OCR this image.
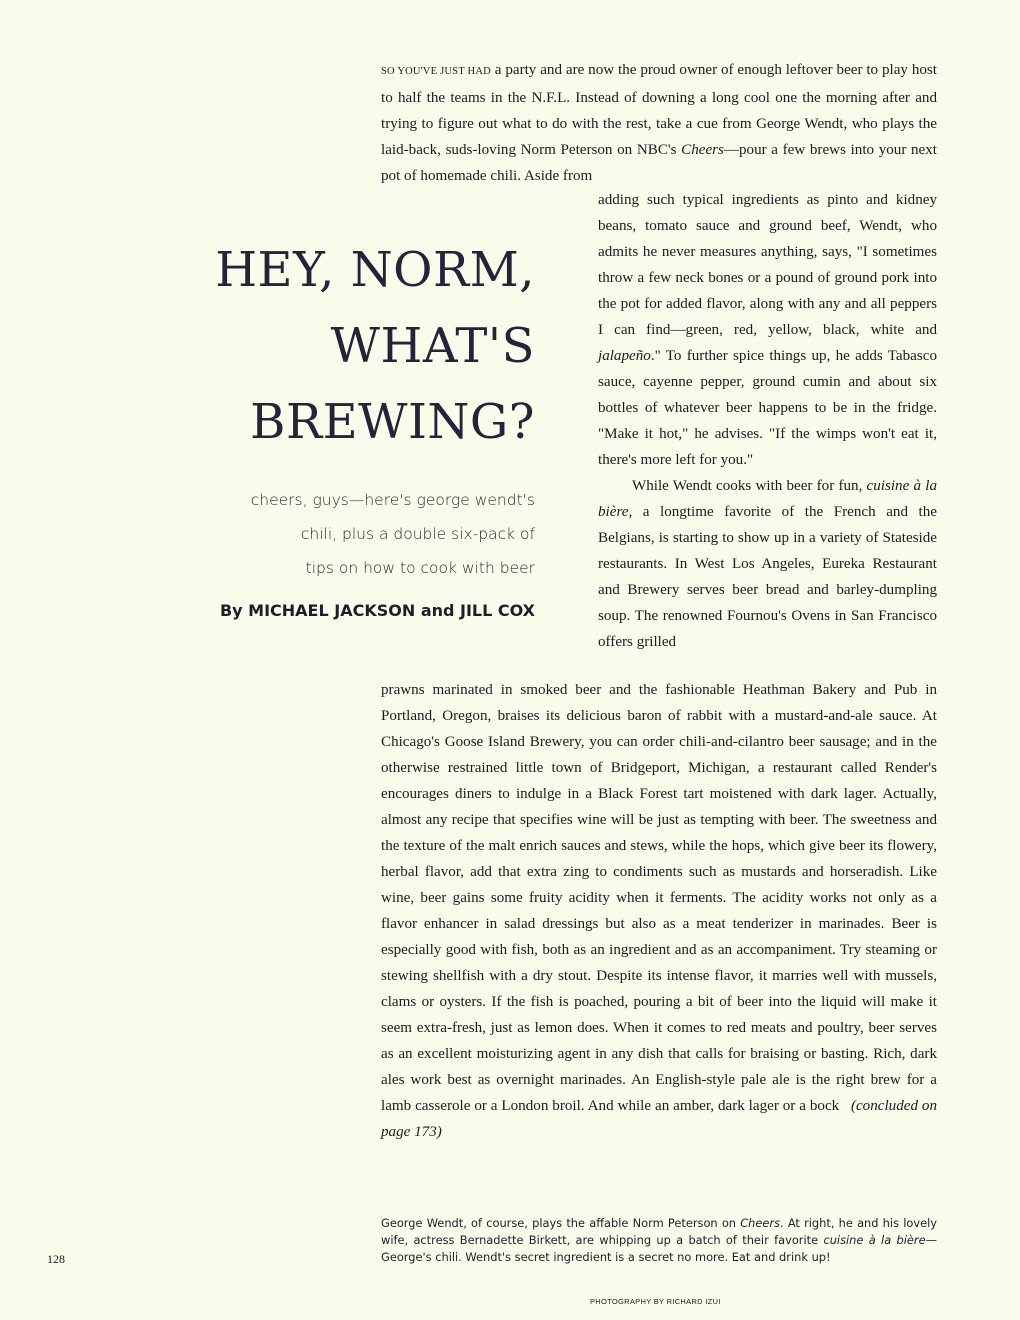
SO YOU'VE JUST HAD a party and are now the proud owner of enough leftover beer to play host to half the teams in the N.F.L. Instead of downing a long cool one the morning after and trying to figure out what to do with the rest, take a cue from George Wendt, who plays the laid-back, suds-loving Norm Peterson on NBC's Cheers—pour a few brews into your next pot of homemade chili. Aside from

HEY, NORM,
WHAT'S
BREWING?
cheers, guys—here's george wendt's
chili, plus a double six-pack of
tips on how to cook with beer
By MICHAEL JACKSON and JILL COX

adding such typical ingredients as pinto and kidney beans, tomato sauce and ground beef, Wendt, who admits he never measures anything, says, "I sometimes throw a few neck bones or a pound of ground pork into the pot for added flavor, along with any and all peppers I can find—green, red, yellow, black, white and jalapeño." To further spice things up, he adds Tabasco sauce, cayenne pepper, ground cumin and about six bottles of whatever beer happens to be in the fridge. "Make it hot," he advises. "If the wimps won't eat it, there's more left for you."

While Wendt cooks with beer for fun, cuisine à la bière, a longtime favorite of the French and the Belgians, is starting to show up in a variety of Stateside restaurants. In West Los Angeles, Eureka Restaurant and Brewery serves beer bread and barley-dumpling soup. The renowned Fournou's Ovens in San Francisco offers grilled

prawns marinated in smoked beer and the fashionable Heathman Bakery and Pub in Portland, Oregon, braises its delicious baron of rabbit with a mustard-and-ale sauce. At Chicago's Goose Island Brewery, you can order chili-and-cilantro beer sausage; and in the otherwise restrained little town of Bridgeport, Michigan, a restaurant called Render's encourages diners to indulge in a Black Forest tart moistened with dark lager. Actually, almost any recipe that specifies wine will be just as tempting with beer. The sweetness and the texture of the malt enrich sauces and stews, while the hops, which give beer its flowery, herbal flavor, add that extra zing to condiments such as mustards and horseradish. Like wine, beer gains some fruity acidity when it ferments. The acidity works not only as a flavor enhancer in salad dressings but also as a meat tenderizer in marinades. Beer is especially good with fish, both as an ingredient and as an accompaniment. Try steaming or stewing shellfish with a dry stout. Despite its intense flavor, it marries well with mussels, clams or oysters. If the fish is poached, pouring a bit of beer into the liquid will make it seem extra-fresh, just as lemon does. When it comes to red meats and poultry, beer serves as an excellent moisturizing agent in any dish that calls for braising or basting. Rich, dark ales work best as overnight marinades. An English-style pale ale is the right brew for a lamb casserole or a London broil. And while an amber, dark lager or a bock (concluded on page 173)

George Wendt, of course, plays the affable Norm Peterson on Cheers. At right, he and his lovely wife, actress Bernadette Birkett, are whipping up a batch of their favorite cuisine à la bière—George's chili. Wendt's secret ingredient is a secret no more. Eat and drink up!

128
PHOTOGRAPHY BY RICHARD IZUI
